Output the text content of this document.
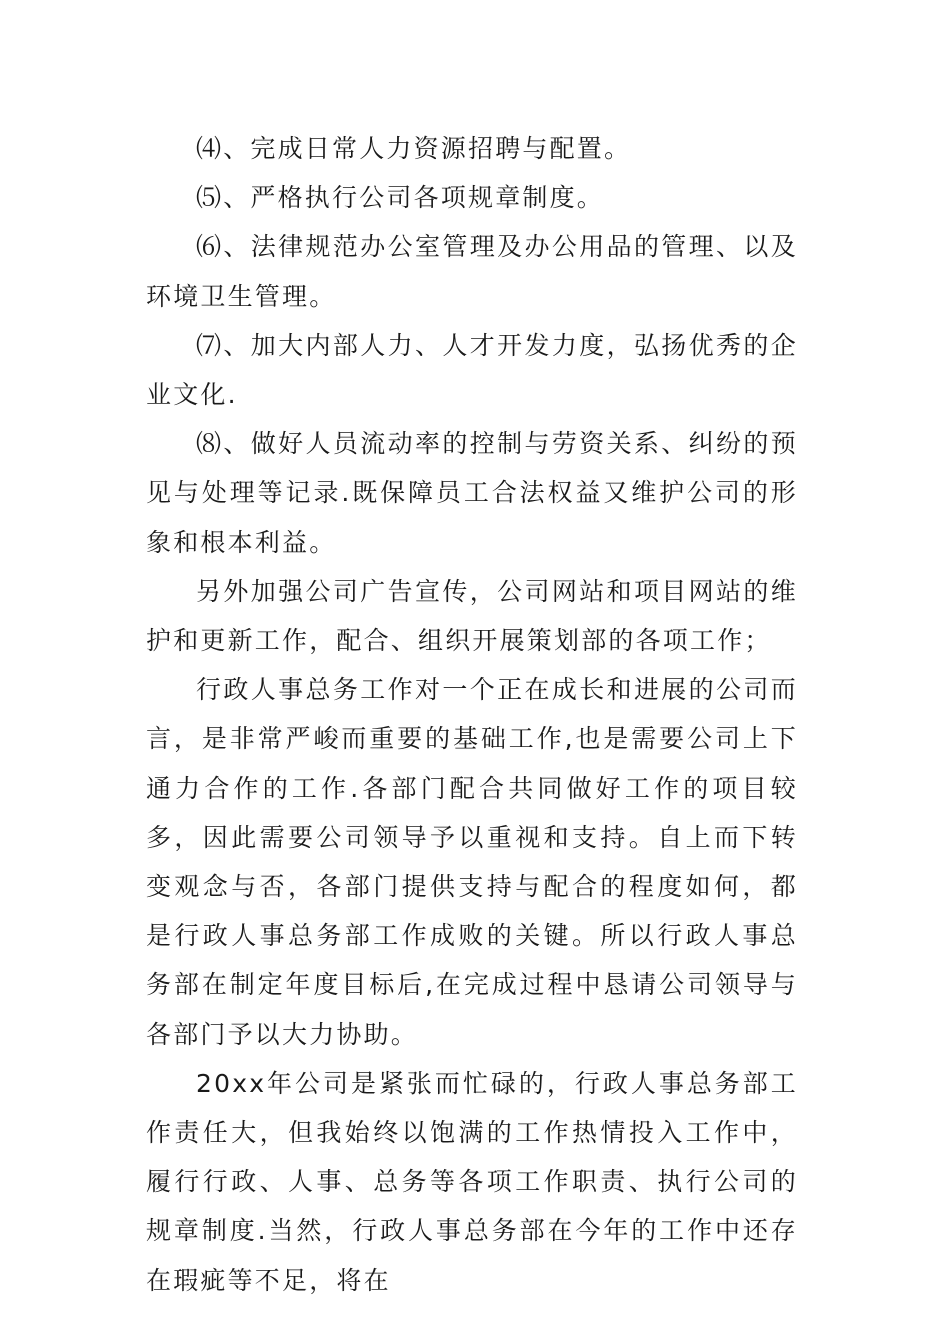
⑷、完成日常人力资源招聘与配置。

⑸、严格执行公司各项规章制度。

⑹、法律规范办公室管理及办公用品的管理、以及环境卫生管理。

⑺、加大内部人力、人才开发力度，弘扬优秀的企业文化.

⑻、做好人员流动率的控制与劳资关系、纠纷的预见与处理等记录.既保障员工合法权益又维护公司的形象和根本利益。

另外加强公司广告宣传，公司网站和项目网站的维护和更新工作，配合、组织开展策划部的各项工作；

行政人事总务工作对一个正在成长和进展的公司而言，是非常严峻而重要的基础工作,也是需要公司上下通力合作的工作.各部门配合共同做好工作的项目较多，因此需要公司领导予以重视和支持。自上而下转变观念与否，各部门提供支持与配合的程度如何，都是行政人事总务部工作成败的关键。所以行政人事总务部在制定年度目标后,在完成过程中恳请公司领导与各部门予以大力协助。

20xx年公司是紧张而忙碌的，行政人事总务部工作责任大，但我始终以饱满的工作热情投入工作中，履行行政、人事、总务等各项工作职责、执行公司的规章制度.当然，行政人事总务部在今年的工作中还存在瑕疵等不足，将在
